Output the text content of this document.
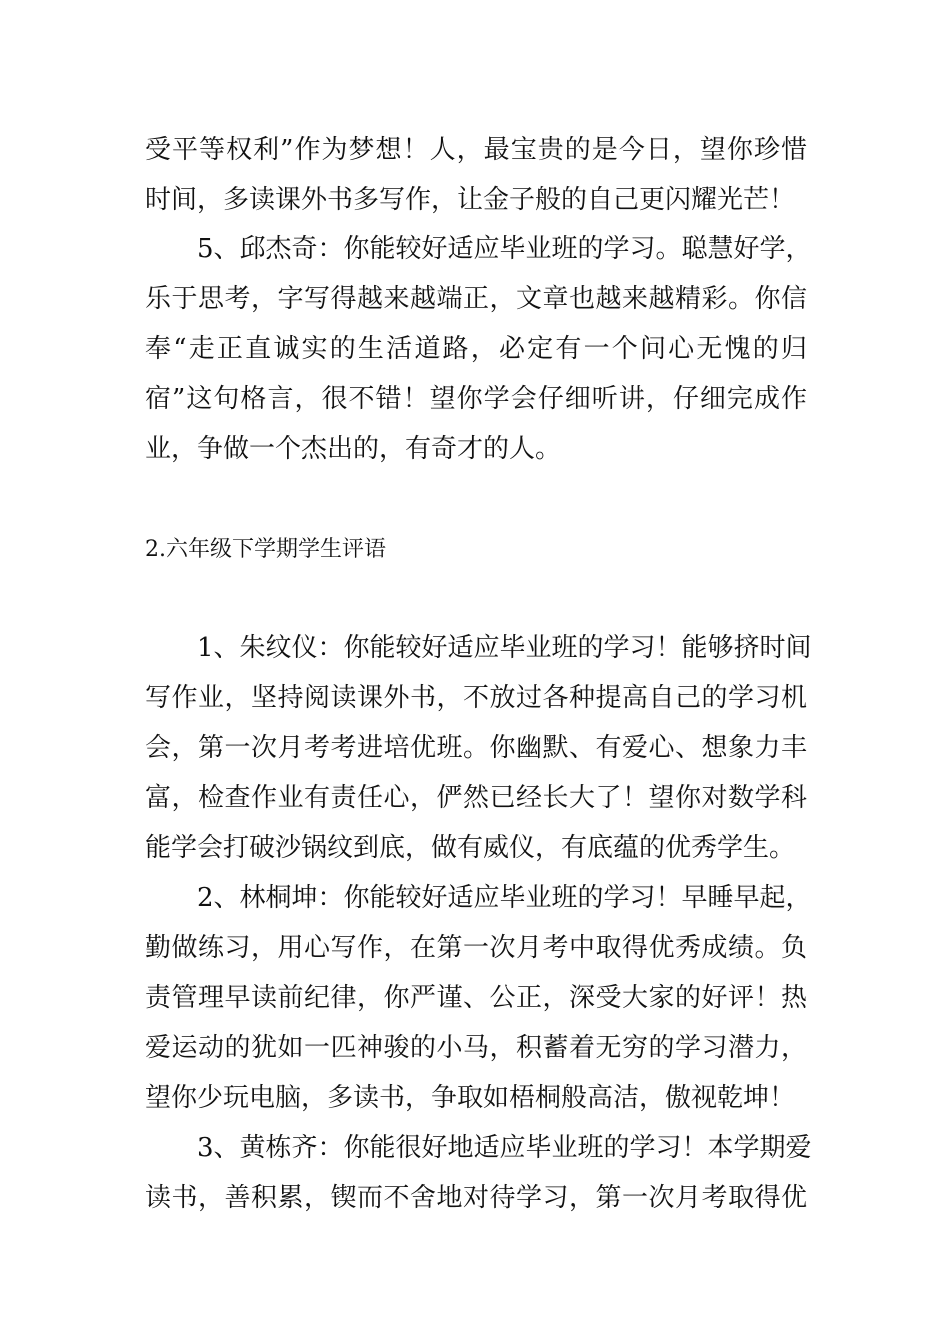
受平等权利”作为梦想！人，最宝贵的是今日，望你珍惜
时间，多读课外书多写作，让金子般的自己更闪耀光芒！
5、邱杰奇：你能较好适应毕业班的学习。聪慧好学，
乐于思考，字写得越来越端正，文章也越来越精彩。你信
奉“走正直诚实的生活道路，必定有一个问心无愧的归
宿”这句格言，很不错！望你学会仔细听讲，仔细完成作
业，争做一个杰出的，有奇才的人。
2.六年级下学期学生评语
1、朱纹仪：你能较好适应毕业班的学习！能够挤时间
写作业，坚持阅读课外书，不放过各种提高自己的学习机
会，第一次月考考进培优班。你幽默、有爱心、想象力丰
富，检查作业有责任心，俨然已经长大了！望你对数学科
能学会打破沙锅纹到底，做有威仪，有底蕴的优秀学生。
2、林桐坤：你能较好适应毕业班的学习！早睡早起，
勤做练习，用心写作，在第一次月考中取得优秀成绩。负
责管理早读前纪律，你严谨、公正，深受大家的好评！热
爱运动的犹如一匹神骏的小马，积蓄着无穷的学习潜力，
望你少玩电脑，多读书，争取如梧桐般高洁，傲视乾坤！
3、黄栋齐：你能很好地适应毕业班的学习！本学期爱
读书，善积累，锲而不舍地对待学习，第一次月考取得优
